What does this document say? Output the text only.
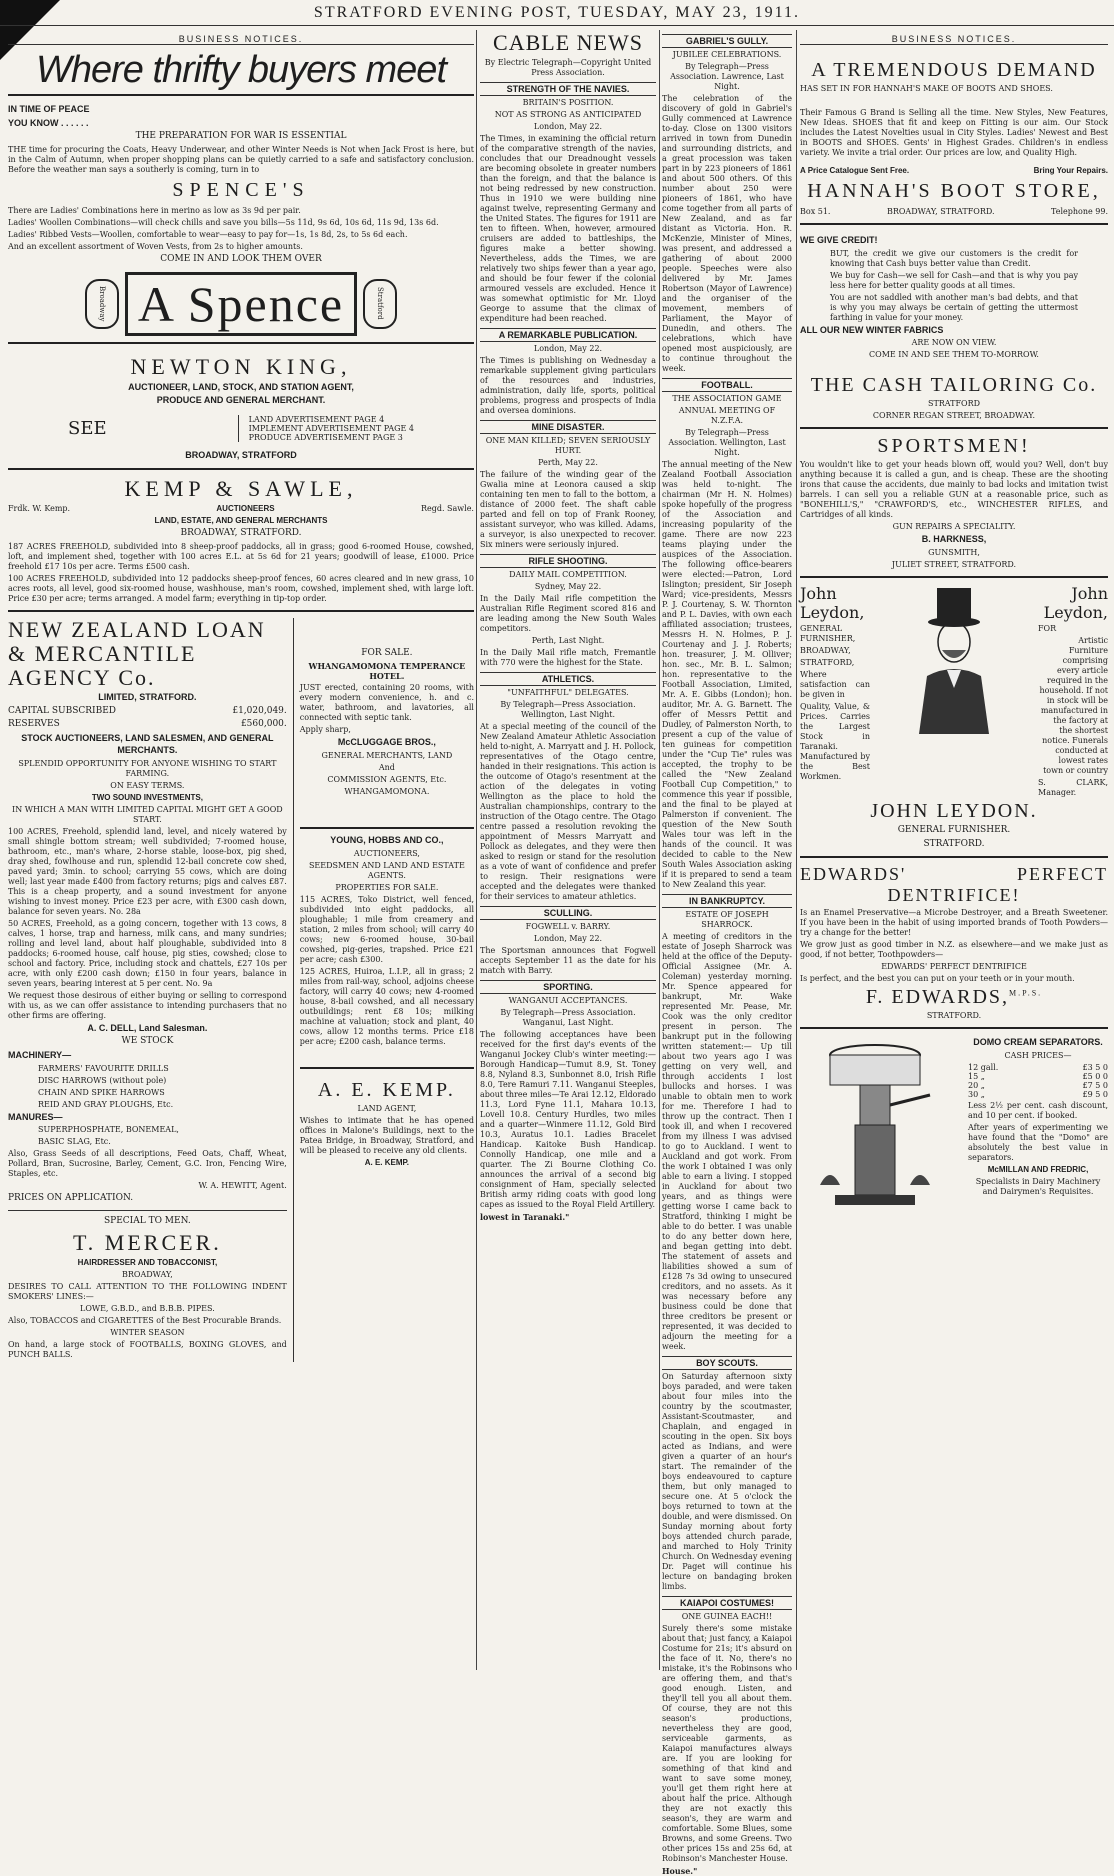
STRATFORD EVENING POST, TUESDAY, MAY 23, 1911.
BUSINESS NOTICES.
Where thrifty buyers meet
IN TIME OF PEACE
YOU KNOW . . . . . .
THE PREPARATION FOR WAR IS ESSENTIAL
THE time for procuring the Coats, Heavy Underwear, and other Winter Needs is Not when Jack Frost is here, but in the Calm of Autumn, when proper shopping plans can be quietly carried to a safe and satisfactory conclusion. Before the weather man says a southerly is coming, turn in to
SPENCE'S
There are Ladies' Combinations here in merino as low as 3s 9d per pair.
Ladies' Woollen Combinations—will check chills and save you bills—5s 11d, 9s 6d, 10s 6d, 11s 9d, 13s 6d.
Ladies' Ribbed Vests—Woollen, comfortable to wear—easy to pay for—1s, 1s 8d, 2s, to 5s 6d each.
And an excellent assortment of Woven Vests, from 2s to higher amounts.
COME IN AND LOOK THEM OVER
Broadway A Spence	Stratford
NEWTON KING,
AUCTIONEER, LAND, STOCK, AND STATION AGENT,
PRODUCE AND GENERAL MERCHANT.
SEE	LAND ADVERTISEMENT PAGE 4
IMPLEMENT ADVERTISEMENT PAGE 4
PRODUCE ADVERTISEMENT PAGE 3
BROADWAY, STRATFORD
KEMP & SAWLE,
Frdk. W. Kemp.	AUCTIONEERS	Regd. Sawle.
LAND, ESTATE, AND GENERAL MERCHANTS
BROADWAY, STRATFORD.
187 ACRES FREEHOLD, subdivided into 8 sheep-proof paddocks, all in grass; good 6-roomed House, cowshed, loft, and implement shed, together with 100 acres E.L. at 5s 6d for 21 years; goodwill of lease, £1000. Price freehold £17 10s per acre. Terms £500 cash.
100 ACRES FREEHOLD, subdivided into 12 paddocks sheep-proof fences, 60 acres cleared and in new grass, 10 acres roots, all level, good six-roomed house, washhouse, man's room, cowshed, implement shed, with large loft. Price £30 per acre; terms arranged. A model farm; everything in tip-top order.
NEW ZEALAND LOAN & MERCANTILE AGENCY Co.
LIMITED, STRATFORD.
CAPITAL SUBSCRIBED	£1,020,049.
RESERVES	£560,000.
STOCK AUCTIONEERS, LAND SALESMEN, AND GENERAL MERCHANTS.
SPLENDID OPPORTUNITY FOR ANYONE WISHING TO START FARMING.
ON EASY TERMS.
TWO SOUND INVESTMENTS,
IN WHICH A MAN WITH LIMITED CAPITAL MIGHT GET A GOOD START.
100 ACRES, Freehold, splendid land, level, and nicely watered by small shingle bottom stream; well subdivided; 7-roomed house, bathroom, etc., man's whare, 2-horse stable, loose-box, pig shed, dray shed, fowlhouse and run, splendid 12-bail concrete cow shed, paved yard; 3min. to school; carrying 55 cows, which are doing well; last year made £400 from factory returns; pigs and calves £87. This is a cheap property, and a sound investment for anyone wishing to invest money. Price £23 per acre, with £300 cash down, balance for seven years. No. 28a
50 ACRES, Freehold, as a going concern, together with 13 cows, 8 calves, 1 horse, trap and harness, milk cans, and many sundries; rolling and level land, about half ploughable, subdivided into 8 paddocks; 6-roomed house, calf house, pig sties, cowshed; close to school and factory. Price, including stock and chattels, £27 10s per acre, with only £200 cash down; £150 in four years, balance in seven years, bearing interest at 5 per cent. No. 9a
We request those desirous of either buying or selling to correspond with us, as we can offer assistance to intending purchasers that no other firms are offering.
A. C. DELL, Land Salesman.
WE STOCK
MACHINERY—
FARMERS' FAVOURITE DRILLS
DISC HARROWS (without pole)
CHAIN AND SPIKE HARROWS
REID AND GRAY PLOUGHS, Etc.
MANURES—
SUPERPHOSPHATE, BONEMEAL,
BASIC SLAG, Etc.
Also, Grass Seeds of all descriptions, Feed Oats, Chaff, Wheat, Pollard, Bran, Sucrosine, Barley, Cement, G.C. Iron, Fencing Wire, Staples, etc.
W. A. HEWITT, Agent.
PRICES ON APPLICATION.
SPECIAL TO MEN.
T. MERCER.
HAIRDRESSER AND TOBACCONIST,
BROADWAY,
DESIRES TO CALL ATTENTION TO THE FOLLOWING INDENT SMOKERS' LINES:—
LOWE, G.B.D., and B.B.B. PIPES.
Also, TOBACCOS and CIGARETTES of the Best Procurable Brands.
WINTER SEASON
On hand, a large stock of FOOTBALLS, BOXING GLOVES, and PUNCH BALLS.
FOR SALE.
WHANGAMOMONA TEMPERANCE HOTEL.
JUST erected, containing 20 rooms, with every modern convenience, h. and c. water, bathroom, and lavatories, all connected with septic tank.
Apply sharp,
McCLUGGAGE BROS.,
GENERAL MERCHANTS, LAND
And
COMMISSION AGENTS, Etc.
WHANGAMOMONA.
YOUNG, HOBBS AND CO.,
AUCTIONEERS,
SEEDSMEN AND LAND AND ESTATE AGENTS.
PROPERTIES FOR SALE.
115 ACRES, Toko District, well fenced, subdivided into eight paddocks, all ploughable; 1 mile from creamery and station, 2 miles from school; will carry 40 cows; new 6-roomed house, 30-bail cowshed, pig-geries, trapshed. Price £21 per acre; cash £300.
125 ACRES, Huiroa, L.I.P., all in grass; 2 miles from rail-way, school, adjoins cheese factory, will carry 40 cows; new 4-roomed house, 8-bail cowshed, and all necessary outbuildings; rent £8 10s; milking machine at valuation; stock and plant, 40 cows, allow 12 months terms. Price £18 per acre; £200 cash, balance terms.
A. E. KEMP.
LAND AGENT,
Wishes to intimate that he has opened offices in Malone's Buildings, next to the Patea Bridge, in Broadway, Stratford, and will be pleased to receive any old clients.
A. E. KEMP.
CABLE NEWS
By Electric Telegraph—Copyright United Press Association.
STRENGTH OF THE NAVIES.
BRITAIN'S POSITION.
NOT AS STRONG AS ANTICIPATED
London, May 22.
The Times, in examining the official return of the comparative strength of the navies, concludes that our Dreadnought vessels are becoming obsolete in greater numbers than the foreign, and that the balance is not being redressed by new construction. Thus in 1910 we were building nine against twelve, representing Germany and the United States. The figures for 1911 are ten to fifteen. When, however, armoured cruisers are added to battleships, the figures make a better showing. Nevertheless, adds the Times, we are relatively two ships fewer than a year ago, and should be four fewer if the colonial armoured vessels are excluded. Hence it was somewhat optimistic for Mr. Lloyd George to assume that the climax of expenditure had been reached.
A REMARKABLE PUBLICATION.
London, May 22.
The Times is publishing on Wednesday a remarkable supplement giving particulars of the resources and industries, administration, daily life, sports, political problems, progress and prospects of India and oversea dominions.
MINE DISASTER.
ONE MAN KILLED; SEVEN SERIOUSLY HURT.
Perth, May 22.
The failure of the winding gear of the Gwalia mine at Leonora caused a skip containing ten men to fall to the bottom, a distance of 2000 feet. The shaft cable parted and fell on top of Frank Rooney, assistant surveyor, who was killed. Adams, a surveyor, is also unexpected to recover. Six miners were seriously injured.
RIFLE SHOOTING.
DAILY MAIL COMPETITION.
Sydney, May 22.
In the Daily Mail rifle competition the Australian Rifle Regiment scored 816 and are leading among the New South Wales competitors.
Perth, Last Night.
In the Daily Mail rifle match, Fremantle with 770 were the highest for the State.
ATHLETICS.
"UNFAITHFUL" DELEGATES.
By Telegraph—Press Association. Wellington, Last Night.
At a special meeting of the council of the New Zealand Amateur Athletic Association held to-night, A. Marryatt and J. H. Pollock, representatives of the Otago centre, handed in their resignations. This action is the outcome of Otago's resentment at the action of the delegates in voting Wellington as the place to hold the Australian championships, contrary to the instruction of the Otago centre. The Otago centre passed a resolution revoking the appointment of Messrs Marryatt and Pollock as delegates, and they were then asked to resign or stand for the resolution as a vote of want of confidence and prefer to resign. Their resignations were accepted and the delegates were thanked for their services to amateur athletics.
SCULLING.
FOGWELL v. BARRY.
London, May 22.
The Sportsman announces that Fogwell accepts September 11 as the date for his match with Barry.
SPORTING.
WANGANUI ACCEPTANCES.
By Telegraph—Press Association. Wanganui, Last Night.
The following acceptances have been received for the first day's events of the Wanganui Jockey Club's winter meeting:— Borough Handicap—Tumut 8.9, St. Toney 8.8, Nyland 8.3, Sunbonnet 8.0, Irish Rifle 8.0, Tere Ramuri 7.11. Wanganui Steeples, about three miles—Te Arai 12.12, Eldorado 11.3, Lord Fyne 11.1, Mahara 10.13, Lovell 10.8. Century Hurdles, two miles and a quarter—Winmere 11.12, Gold Bird 10.3, Auratus 10.1. Ladies Bracelet Handicap. Kaitoke Bush Handicap. Connolly Handicap, one mile and a quarter. The Zi Bourne Clothing Co. announces the arrival of a second big consignment of Ham, specially selected British army riding coats with good long capes as issued to the Royal Field Artillery.
lowest in Taranaki."
GABRIEL'S GULLY.
JUBILEE CELEBRATIONS.
By Telegraph—Press Association. Lawrence, Last Night.
The celebration of the discovery of gold in Gabriel's Gully commenced at Lawrence to-day. Close on 1300 visitors arrived in town from Dunedin and surrounding districts, and a great procession was taken part in by 223 pioneers of 1861 and about 500 others. Of this number about 250 were pioneers of 1861, who have come together from all parts of New Zealand, and as far distant as Victoria. Hon. R. McKenzie, Minister of Mines, was present, and addressed a gathering of about 2000 people. Speeches were also delivered by Mr. James Robertson (Mayor of Lawrence) and the organiser of the movement, members of Parliament, the Mayor of Dunedin, and others. The celebrations, which have opened most auspiciously, are to continue throughout the week.
FOOTBALL.
THE ASSOCIATION GAME
ANNUAL MEETING OF N.Z.F.A.
By Telegraph—Press Association. Wellington, Last Night.
The annual meeting of the New Zealand Football Association was held to-night. The chairman (Mr H. N. Holmes) spoke hopefully of the progress of the Association and increasing popularity of the game. There are now 223 teams playing under the auspices of the Association. The following office-bearers were elected:—Patron, Lord Islington; president, Sir Joseph Ward; vice-presidents, Messrs P. J. Courtenay, S. W. Thornton and P. L. Davies, with own each affiliated association; trustees, Messrs H. N. Holmes, P. J. Courtenay and J. J. Roberts; hon. treasurer, J. M. Olliver; hon. sec., Mr. B. L. Salmon; hon. representative to the Football Association, Limited, Mr. A. E. Gibbs (London); hon. auditor, Mr. A. G. Barnett. The offer of Messrs Pettit and Dudley, of Palmerston North, to present a cup of the value of ten guineas for competition under the "Cup Tie" rules was accepted, the trophy to be called the "New Zealand Football Cup Competition," to commence this year if possible, and the final to be played at Palmerston if convenient. The question of the New South Wales tour was left in the hands of the council. It was decided to cable to the New South Wales Association asking if it is prepared to send a team to New Zealand this year.
IN BANKRUPTCY.
ESTATE OF JOSEPH SHARROCK.
A meeting of creditors in the estate of Joseph Sharrock was held at the office of the Deputy-Official Assignee (Mr. A. Coleman) yesterday morning. Mr. Spence appeared for bankrupt, Mr. Wake represented Mr. Pease, Mr. Cook was the only creditor present in person. The bankrupt put in the following written statement:— Up till about two years ago I was getting on very well, and through accidents I lost bullocks and horses. I was unable to obtain men to work for me. Therefore I had to throw up the contract. Then I took ill, and when I recovered from my illness I was advised to go to Auckland. I went to Auckland and got work. From the work I obtained I was only able to earn a living. I stopped in Auckland for about two years, and as things were getting worse I came back to Stratford, thinking I might be able to do better. I was unable to do any better down here, and began getting into debt. The statement of assets and liabilities showed a sum of £128 7s 3d owing to unsecured creditors, and no assets. As it was necessary before any business could be done that three creditors be present or represented, it was decided to adjourn the meeting for a week.
BOY SCOUTS.
On Saturday afternoon sixty boys paraded, and were taken about four miles into the country by the scoutmaster, Assistant-Scoutmaster, and Chaplain, and engaged in scouting in the open. Six boys acted as Indians, and were given a quarter of an hour's start. The remainder of the boys endeavoured to capture them, but only managed to secure one. At 5 o'clock the boys returned to town at the double, and were dismissed. On Sunday morning about forty boys attended church parade, and marched to Holy Trinity Church. On Wednesday evening Dr. Paget will continue his lecture on bandaging broken limbs.
KAIAPOI COSTUMES!
ONE GUINEA EACH!!
Surely there's some mistake about that; just fancy, a Kaiapoi Costume for 21s; it's absurd on the face of it. No, there's no mistake, it's the Robinsons who are offering them, and that's good enough. Listen, and they'll tell you all about them. Of course, they are not this season's productions, nevertheless they are good, serviceable garments, as Kaiapoi manufactures always are. If you are looking for something of that kind and want to save some money, you'll get them right here at about half the price. Although they are not exactly this season's, they are warm and comfortable. Some Blues, some Browns, and some Greens. Two other prices 15s and 25s 6d, at Robinson's Manchester House.
House."
BUSINESS NOTICES.
A TREMENDOUS DEMAND
HAS SET IN FOR HANNAH'S MAKE OF BOOTS AND SHOES.
Their Famous G Brand is Selling all the time. New Styles, New Features, New Ideas. SHOES that fit and keep on Fitting is our aim. Our Stock includes the Latest Novelties usual in City Styles. Ladies' Newest and Best in BOOTS and SHOES. Gents' in Highest Grades. Children's in endless variety. We invite a trial order. Our prices are low, and Quality High.
A Price Catalogue Sent Free.	Bring Your Repairs.
HANNAH'S BOOT STORE,
Box 51.	BROADWAY, STRATFORD.	Telephone 99.
WE GIVE CREDIT!
BUT, the credit we give our customers is the credit for knowing that Cash buys better value than Credit.
We buy for Cash—we sell for Cash—and that is why you pay less here for better quality goods at all times.
You are not saddled with another man's bad debts, and that is why you may always be certain of getting the uttermost farthing in value for your money.
ALL OUR NEW WINTER FABRICS
ARE NOW ON VIEW.
COME IN AND SEE THEM TO-MORROW.
THE CASH TAILORING Co.
STRATFORD
CORNER REGAN STREET, BROADWAY.
SPORTSMEN!
You wouldn't like to get your heads blown off, would you? Well, don't buy anything because it is called a gun, and is cheap. These are the shooting irons that cause the accidents, due mainly to bad locks and imitation twist barrels. I can sell you a reliable GUN at a reasonable price, such as "BONEHILL'S," "CRAWFORD'S, etc., WINCHESTER RIFLES, and Cartridges of all kinds.
GUN REPAIRS A SPECIALITY.
B. HARKNESS,
GUNSMITH,
JULIET STREET, STRATFORD.
John
Leydon,
GENERAL FURNISHER,
BROADWAY,
STRATFORD,
Where satisfaction can be given in
Quality, Value, & Prices. Carries the Largest Stock in Taranaki. Manufactured by the Best Workmen.
John
Leydon,
FOR
Artistic Furniture comprising every article required in the household. If not in stock will be manufactured in the factory at the shortest notice. Funerals conducted at lowest rates town or country
S. CLARK, Manager.
JOHN LEYDON.
GENERAL FURNISHER.
STRATFORD.
EDWARDS'	PERFECT
DENTRIFICE!
Is an Enamel Preservative—a Microbe Destroyer, and a Breath Sweetener. If you have been in the habit of using imported brands of Tooth Powders—try a change for the better!
We grow just as good timber in N.Z. as elsewhere—and we make just as good, if not better, Toothpowders—
EDWARDS' PERFECT DENTRIFICE
Is perfect, and the best you can put on your teeth or in your mouth.
F. EDWARDS,$^{M.P.S.}$
STRATFORD.
DOMO CREAM SEPARATORS.
CASH PRICES—
12 gall.	£3 5 0
15 „	£5 0 0
20 „	£7 5 0
30 „	£9 5 0
Less 2½ per cent. cash discount, and 10 per cent. if booked.
After years of experimenting we have found that the "Domo" are absolutely the best value in separators.
McMILLAN AND FREDRIC,
Specialists in Dairy Machinery and Dairymen's Requisites.
